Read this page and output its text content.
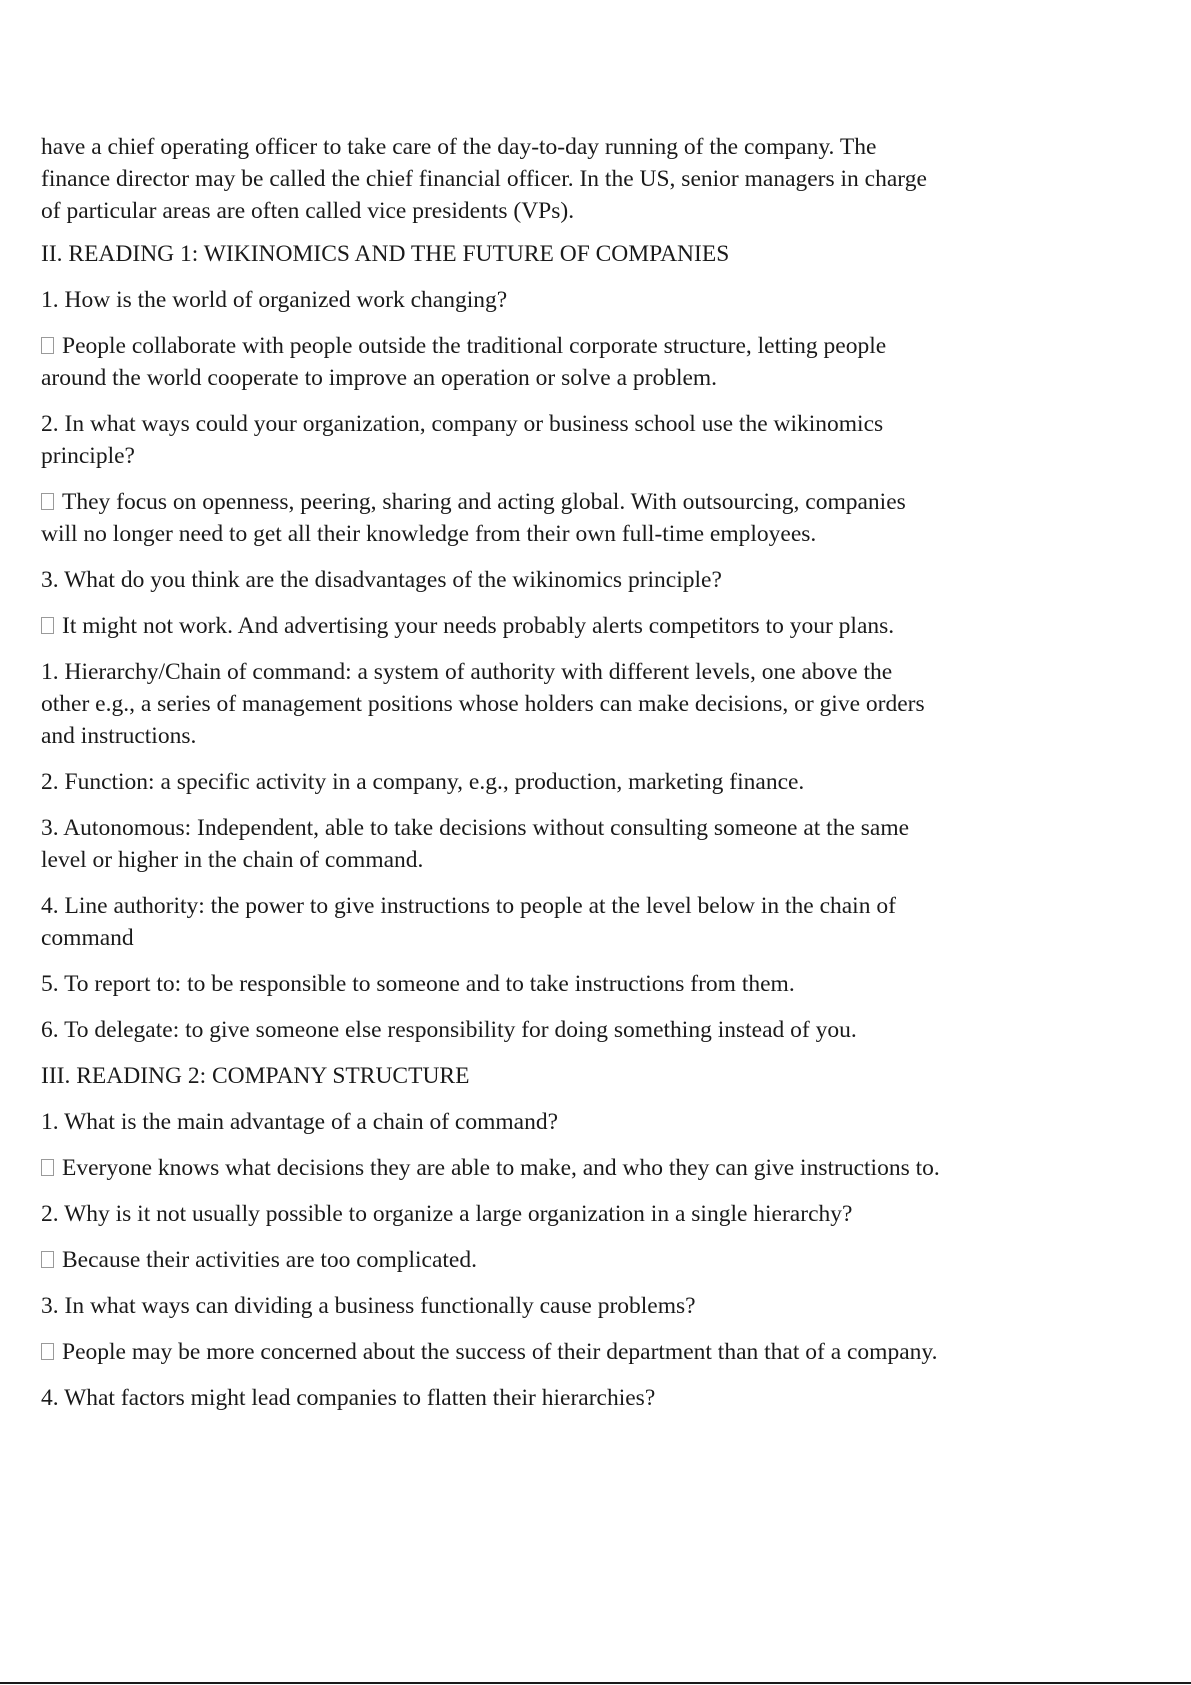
have a chief operating officer to take care of the day-to-day running of the company. The finance director may be called the chief financial officer. In the US, senior managers in charge of particular areas are often called vice presidents (VPs).

II. READING 1: WIKINOMICS AND THE FUTURE OF COMPANIES

1. How is the world of organized work changing?

People collaborate with people outside the traditional corporate structure, letting people around the world cooperate to improve an operation or solve a problem.

2. In what ways could your organization, company or business school use the wikinomics principle?

They focus on openness, peering, sharing and acting global. With outsourcing, companies will no longer need to get all their knowledge from their own full-time employees.

3. What do you think are the disadvantages of the wikinomics principle?

It might not work. And advertising your needs probably alerts competitors to your plans.

1. Hierarchy/Chain of command: a system of authority with different levels, one above the other e.g., a series of management positions whose holders can make decisions, or give orders and instructions.

2. Function: a specific activity in a company, e.g., production, marketing finance.

3. Autonomous: Independent, able to take decisions without consulting someone at the same level or higher in the chain of command.

4. Line authority: the power to give instructions to people at the level below in the chain of command

5. To report to: to be responsible to someone and to take instructions from them.

6. To delegate: to give someone else responsibility for doing something instead of you.

III. READING 2: COMPANY STRUCTURE

1. What is the main advantage of a chain of command?

Everyone knows what decisions they are able to make, and who they can give instructions to.

2. Why is it not usually possible to organize a large organization in a single hierarchy?

Because their activities are too complicated.

3. In what ways can dividing a business functionally cause problems?

People may be more concerned about the success of their department than that of a company.

4. What factors might lead companies to flatten their hierarchies?
